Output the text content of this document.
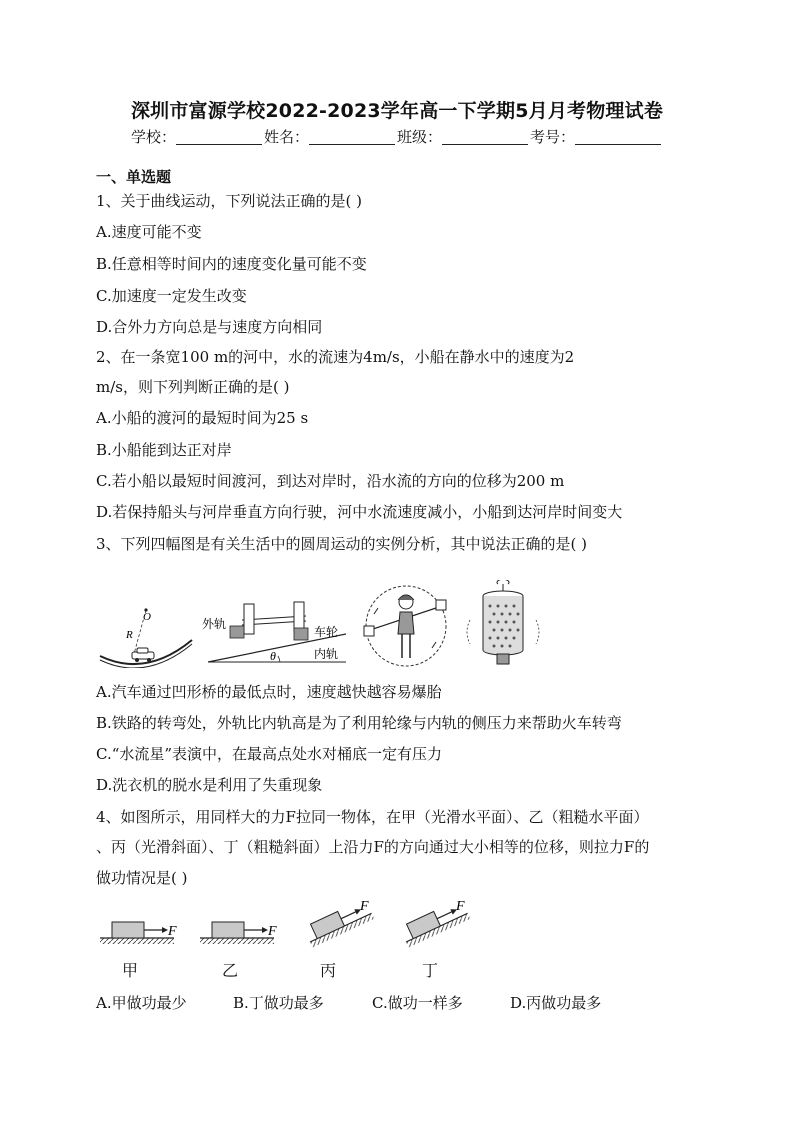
深圳市富源学校2022-2023学年高一下学期5月月考物理试卷
学校：	姓名：	班级：	考号：
一、单选题
1、关于曲线运动，下列说法正确的是( )
A.速度可能不变
B.任意相等时间内的速度变化量可能不变
C.加速度一定发生改变
D.合外力方向总是与速度方向相同
2、在一条宽100 m的河中，水的流速为4m/s，小船在静水中的速度为2
m/s，则下列判断正确的是( )
A.小船的渡河的最短时间为25 s
B.小船能到达正对岸
C.若小船以最短时间渡河，到达对岸时，沿水流的方向的位移为200 m
D.若保持船头与河岸垂直方向行驶，河中水流速度减小，小船到达河岸时间变大
3、下列四幅图是有关生活中的圆周运动的实例分析，其中说法正确的是( )
O
R
外轨
车轮
内轨
θ
A.汽车通过凹形桥的最低点时，速度越快越容易爆胎
B.铁路的转弯处，外轨比内轨高是为了利用轮缘与内轨的侧压力来帮助火车转弯
C.“水流星”表演中，在最高点处水对桶底一定有压力
D.洗衣机的脱水是利用了失重现象
4、如图所示，用同样大的力F拉同一物体，在甲（光滑水平面）、乙（粗糙水平面）
、丙（光滑斜面）、丁（粗糙斜面）上沿力F的方向通过大小相等的位移，则拉力F的
做功情况是( )
F	F
F	F
甲	乙	丙	丁
A.甲做功最少	B.丁做功最多	C.做功一样多	D.丙做功最多
